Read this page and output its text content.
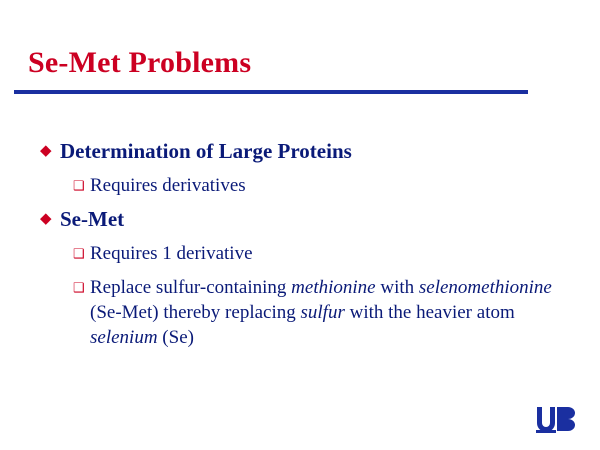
Se-Met Problems
◆ Determination of Large Proteins
❑ Requires derivatives
◆ Se-Met
❑ Requires 1 derivative
❑ Replace sulfur-containing methionine with selenomethionine (Se-Met) thereby replacing sulfur with the heavier atom selenium (Se)
